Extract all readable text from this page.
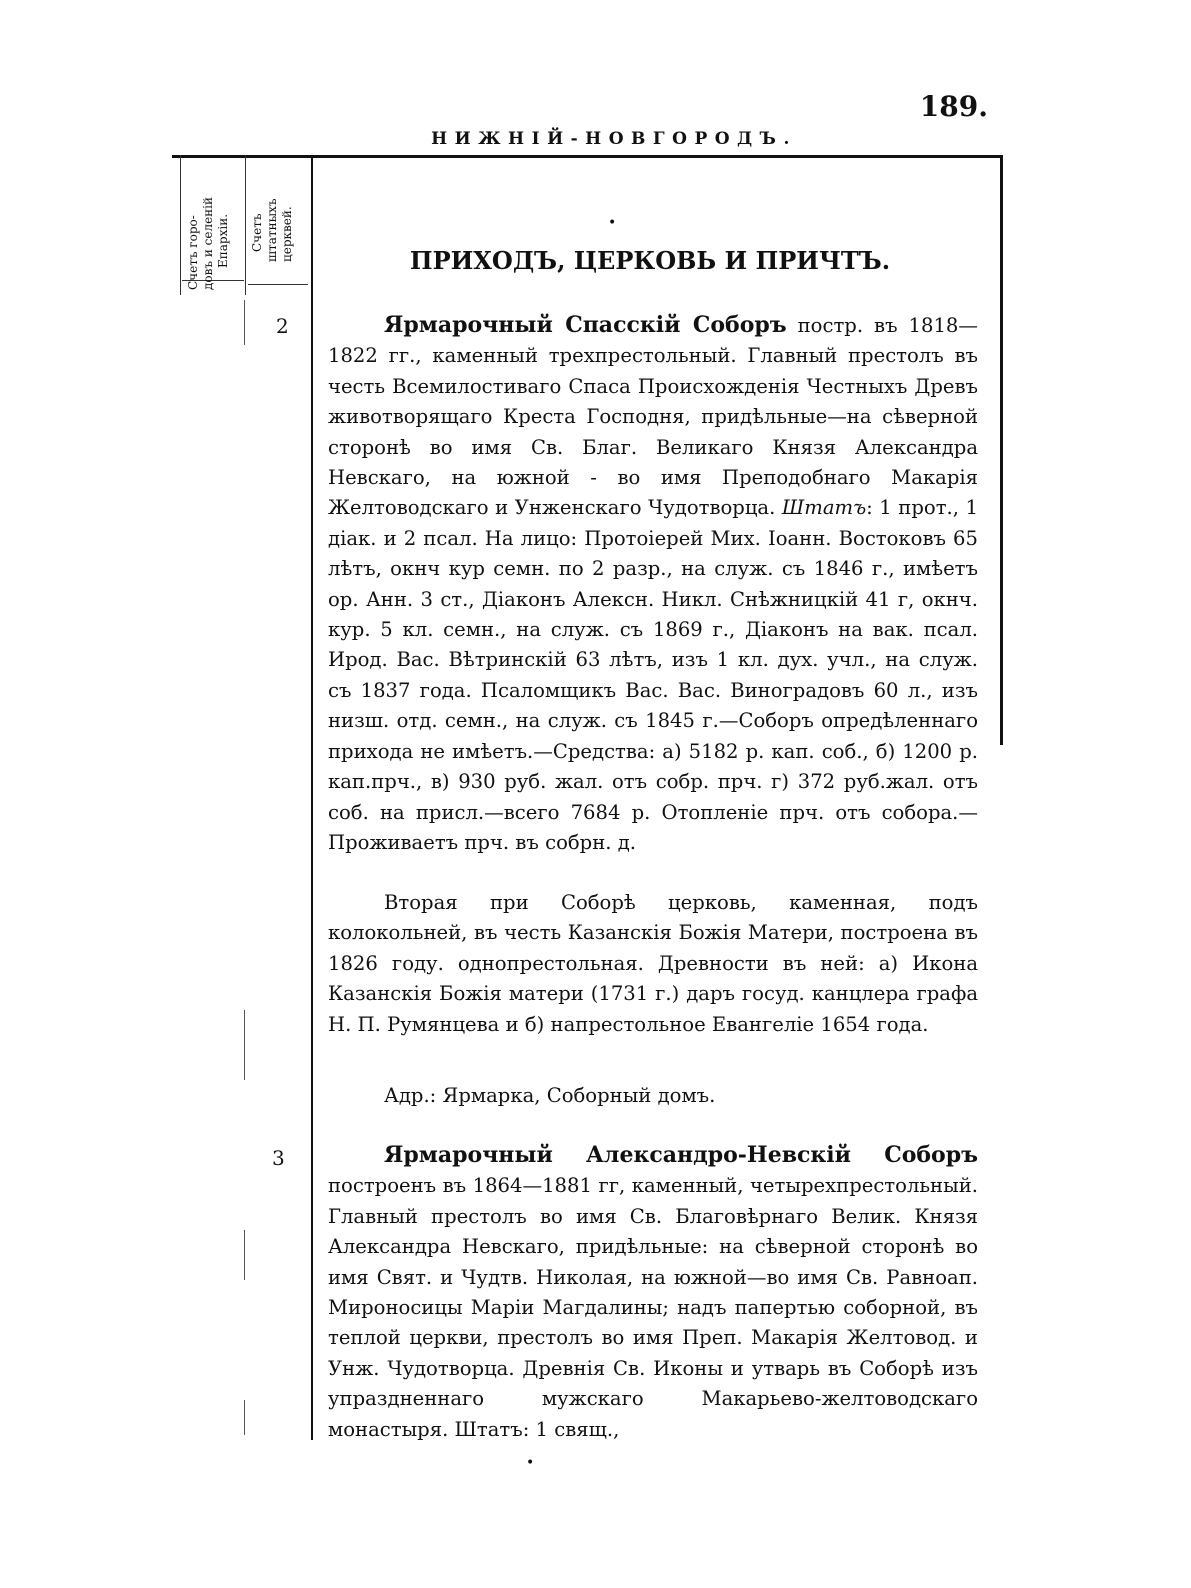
189.
НИЖНІЙ-НОВГОРОДЪ.
Счетъ горо- довъ и селеній Епархіи. Счетъ штатныхъ церквей.	•
ПРИХОДЪ, ЦЕРКОВЬ И ПРИЧТЪ.
2	Ярмарочный Спасскій Соборъ постр. въ 1818—1822 гг., каменный трехпрестольный. Главный престолъ въ честь Всемилостиваго Спаса Происхожденія Честныхъ Древъ животворящаго Креста Господня, придѣльные—на сѣверной сторонѣ во имя Св. Благ. Великаго Князя Александра Невскаго, на южной - во имя Преподобнаго Макарія Желтоводскаго и Унженскаго Чудотворца. Штатъ: 1 прот., 1 діак. и 2 псал. На лицо: Протоіерей Мих. Іоанн. Востоковъ 65 лѣтъ, окнч кур семн. по 2 разр., на служ. съ 1846 г., имѣетъ ор. Анн. 3 ст., Діаконъ Алексн. Никл. Снѣжницкій 41 г, окнч. кур. 5 кл. семн., на служ. съ 1869 г., Діаконъ на вак. псал. Ирод. Вас. Вѣтринскій 63 лѣтъ, изъ 1 кл. дух. учл., на служ. съ 1837 года. Псаломщикъ Вас. Вас. Виноградовъ 60 л., изъ низш. отд. семн., на служ. съ 1845 г.—Соборъ опредѣленнаго прихода не имѣетъ.—Средства: а) 5182 р. кап. соб., б) 1200 р. кап.прч., в) 930 руб. жал. отъ собр. прч. г) 372 руб.жал. отъ соб. на присл.—всего 7684 р. Отопленіе прч. отъ собора.—Проживаетъ прч. въ собрн. д.
Вторая при Соборѣ церковь, каменная, подъ колокольней, въ честь Казанскія Божія Матери, построена въ 1826 году. однопрестольная. Древности въ ней: а) Икона Казанскія Божія матери (1731 г.) даръ госуд. канцлера графа Н. П. Румянцева и б) напрестольное Евангеліе 1654 года.
Адр.: Ярмарка, Соборный домъ.
3	Ярмарочный Александро-Невскій Соборъ построенъ въ 1864—1881 гг, каменный, четырехпрестольный. Главный престолъ во имя Св. Благовѣрнаго Велик. Князя Александра Невскаго, придѣльные: на сѣверной сторонѣ во имя Свят. и Чудтв. Николая, на южной—во имя Св. Равноап. Мироносицы Маріи Магдалины; надъ папертью соборной, въ теплой церкви, престолъ во имя Преп. Макарія Желтовод. и Унж. Чудотворца. Древнія Св. Иконы и утварь въ Соборѣ изъ упраздненнаго мужскаго Макарьево-желтоводскаго монастыря. Штатъ: 1 свящ.,
•
